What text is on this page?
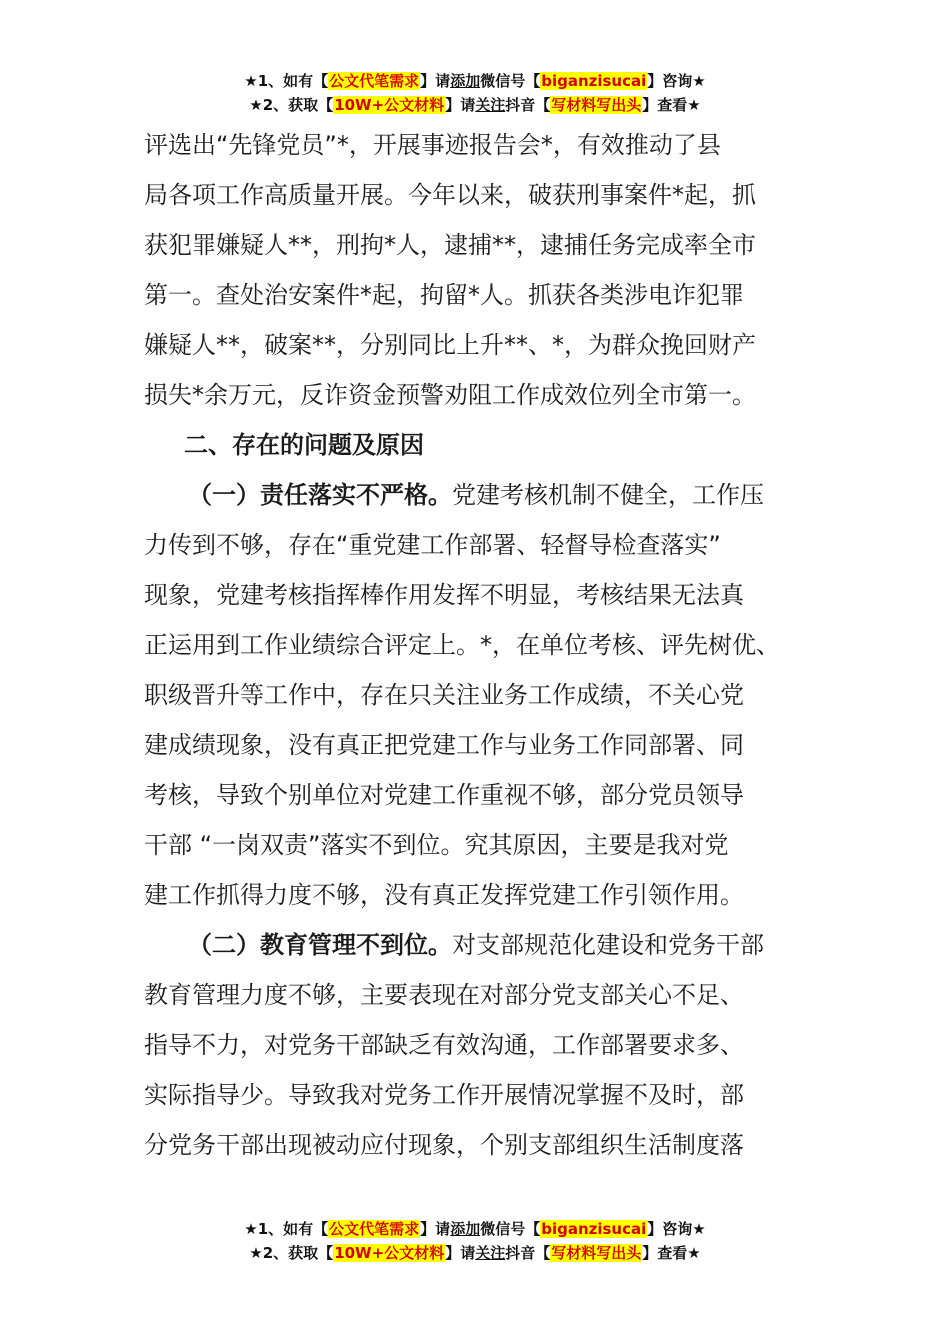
★1、如有【公文代笔需求】请添加微信号【biganzisucai】咨询★
★2、获取【10W+公文材料】请关注抖音【写材料写出头】查看★
评选出“先锋党员”*，开展事迹报告会*，有效推动了县
局各项工作高质量开展。今年以来，破获刑事案件*起，抓
获犯罪嫌疑人**，刑拘*人，逮捕**，逮捕任务完成率全市
第一。查处治安案件*起，拘留*人。抓获各类涉电诈犯罪
嫌疑人**，破案**，分别同比上升**、*，为群众挽回财产
损失*余万元，反诈资金预警劝阻工作成效位列全市第一。
二、存在的问题及原因
（一）责任落实不严格。党建考核机制不健全，工作压
力传到不够，存在“重党建工作部署、轻督导检查落实”
现象，党建考核指挥棒作用发挥不明显，考核结果无法真
正运用到工作业绩综合评定上。*，在单位考核、评先树优、
职级晋升等工作中，存在只关注业务工作成绩，不关心党
建成绩现象，没有真正把党建工作与业务工作同部署、同
考核，导致个别单位对党建工作重视不够，部分党员领导
干部 “一岗双责”落实不到位。究其原因，主要是我对党
建工作抓得力度不够，没有真正发挥党建工作引领作用。
（二）教育管理不到位。对支部规范化建设和党务干部
教育管理力度不够，主要表现在对部分党支部关心不足、
指导不力，对党务干部缺乏有效沟通，工作部署要求多、
实际指导少。导致我对党务工作开展情况掌握不及时，部
分党务干部出现被动应付现象，个别支部组织生活制度落
★1、如有【公文代笔需求】请添加微信号【biganzisucai】咨询★
★2、获取【10W+公文材料】请关注抖音【写材料写出头】查看★
